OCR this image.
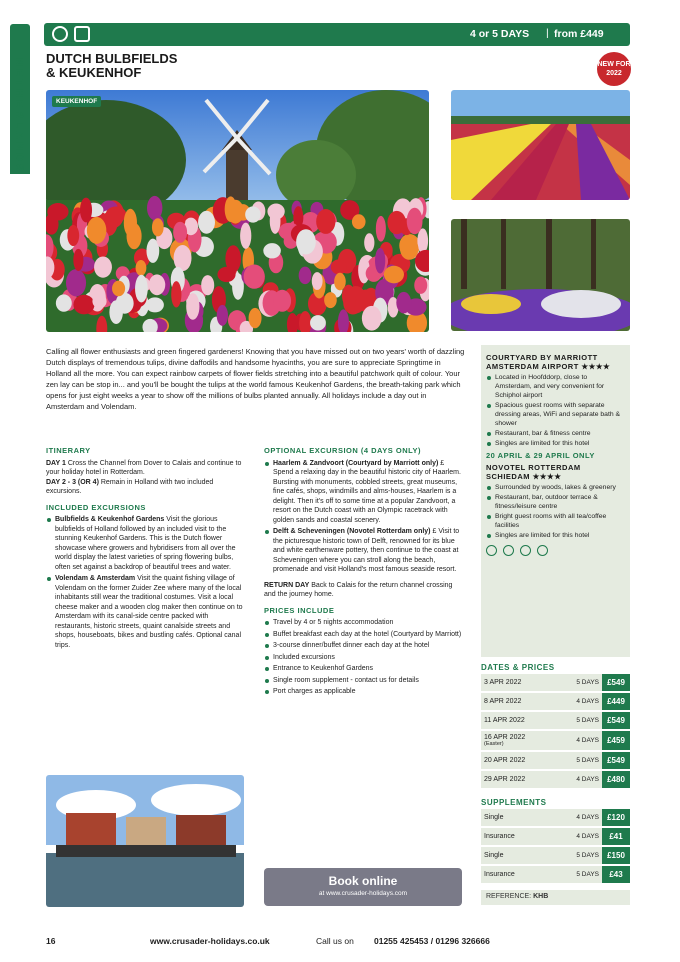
NETHERLANDS
4 or 5 DAYS | from £449
DUTCH BULBFIELDS
& KEUKENHOF
NEW FOR 2022
KEUKENHOF
Calling all flower enthusiasts and green fingered gardeners! Knowing that you have missed out on two years' worth of dazzling Dutch displays of tremendous tulips, divine daffodils and handsome hyacinths, you are sure to appreciate Springtime in Holland all the more. You can expect rainbow carpets of flower fields stretching into a beautiful patchwork quilt of colour. Your zen lay can be stop in... and you'll be bought the tulips at the world famous Keukenhof Gardens, the breath-taking park which opens for just eight weeks a year to show off the millions of bulbs planted annually. All holidays include a day out in Amsterdam and Volendam.
ITINERARY
DAY 1 Cross the Channel from Dover to Calais and continue to your holiday hotel in Rotterdam.
DAY 2 - 3 (OR 4) Remain in Holland with two included excursions.
INCLUDED EXCURSIONS
Bulbfields & Keukenhof Gardens Visit the glorious bulbfields of Holland followed by an included visit to the stunning Keukenhof Gardens. This is the Dutch flower showcase where growers and hybridisers from all over the world display the latest varieties of spring flowering bulbs, often set against a backdrop of beautiful trees and water.
Volendam & Amsterdam Visit the quaint fishing village of Volendam on the former Zuider Zee where many of the local inhabitants still wear the traditional costumes. Visit a local cheese maker and a wooden clog maker then continue on to Amsterdam with its canal-side centre packed with restaurants, historic streets, quaint canalside streets and shops, houseboats, bikes and bustling cafés. Optional canal trips.
OPTIONAL EXCURSION (4 DAYS ONLY)
Haarlem & Zandvoort (Courtyard by Marriott only) £ Spend a relaxing day in the beautiful historic city of Haarlem. Bursting with monuments, cobbled streets, great museums, fine cafés, shops, windmills and alms-houses, Haarlem is a delight. Then it's off to some time at a popular Zandvoort, a resort on the Dutch coast with an Olympic racetrack with golden sands and coastal scenery.
Delft & Scheveningen (Novotel Rotterdam only) £ Visit to the picturesque historic town of Delft, renowned for its blue and white earthenware pottery, then continue to the coast at Scheveningen where you can stroll along the beach, promenade and visit Holland's most famous seaside resort.
RETURN DAY Back to Calais for the return channel crossing and the journey home.
PRICES INCLUDE
Travel by 4 or 5 nights accommodation
Buffet breakfast each day at the hotel (Courtyard by Marriott)
3-course dinner/buffet dinner each day at the hotel
Included excursions
Entrance to Keukenhof Gardens
Single room supplement - contact us for details
Port charges as applicable
Book online
at www.crusader-holidays.com
COURTYARD BY MARRIOTT AMSTERDAM AIRPORT ★★★★
Located in Hoofddorp, close to Amsterdam, and very convenient for Schiphol airport
Spacious guest rooms with separate dressing areas, WiFi and separate bath & shower
Restaurant, bar & fitness centre
Singles are limited for this hotel
20 APRIL & 29 APRIL ONLY
NOVOTEL ROTTERDAM SCHIEDAM ★★★★
Surrounded by woods, lakes & greenery
Restaurant, bar, outdoor terrace & fitness/leisure centre
Bright guest rooms with all tea/coffee facilities
Singles are limited for this hotel
DATES & PRICES
3 APR 2022	5 DAYS	£549
8 APR 2022	4 DAYS	£449
11 APR 2022	5 DAYS	£549
16 APR 2022
(Easter)	4 DAYS	£459
20 APR 2022	5 DAYS	£549
29 APR 2022	4 DAYS	£480
SUPPLEMENTS
Single	4 DAYS	£120
Insurance	4 DAYS	£41
Single	5 DAYS	£150
Insurance	5 DAYS	£43
REFERENCE: KHB
16	www.crusader-holidays.co.uk	Call us on 01255 425453 / 01296 326666
